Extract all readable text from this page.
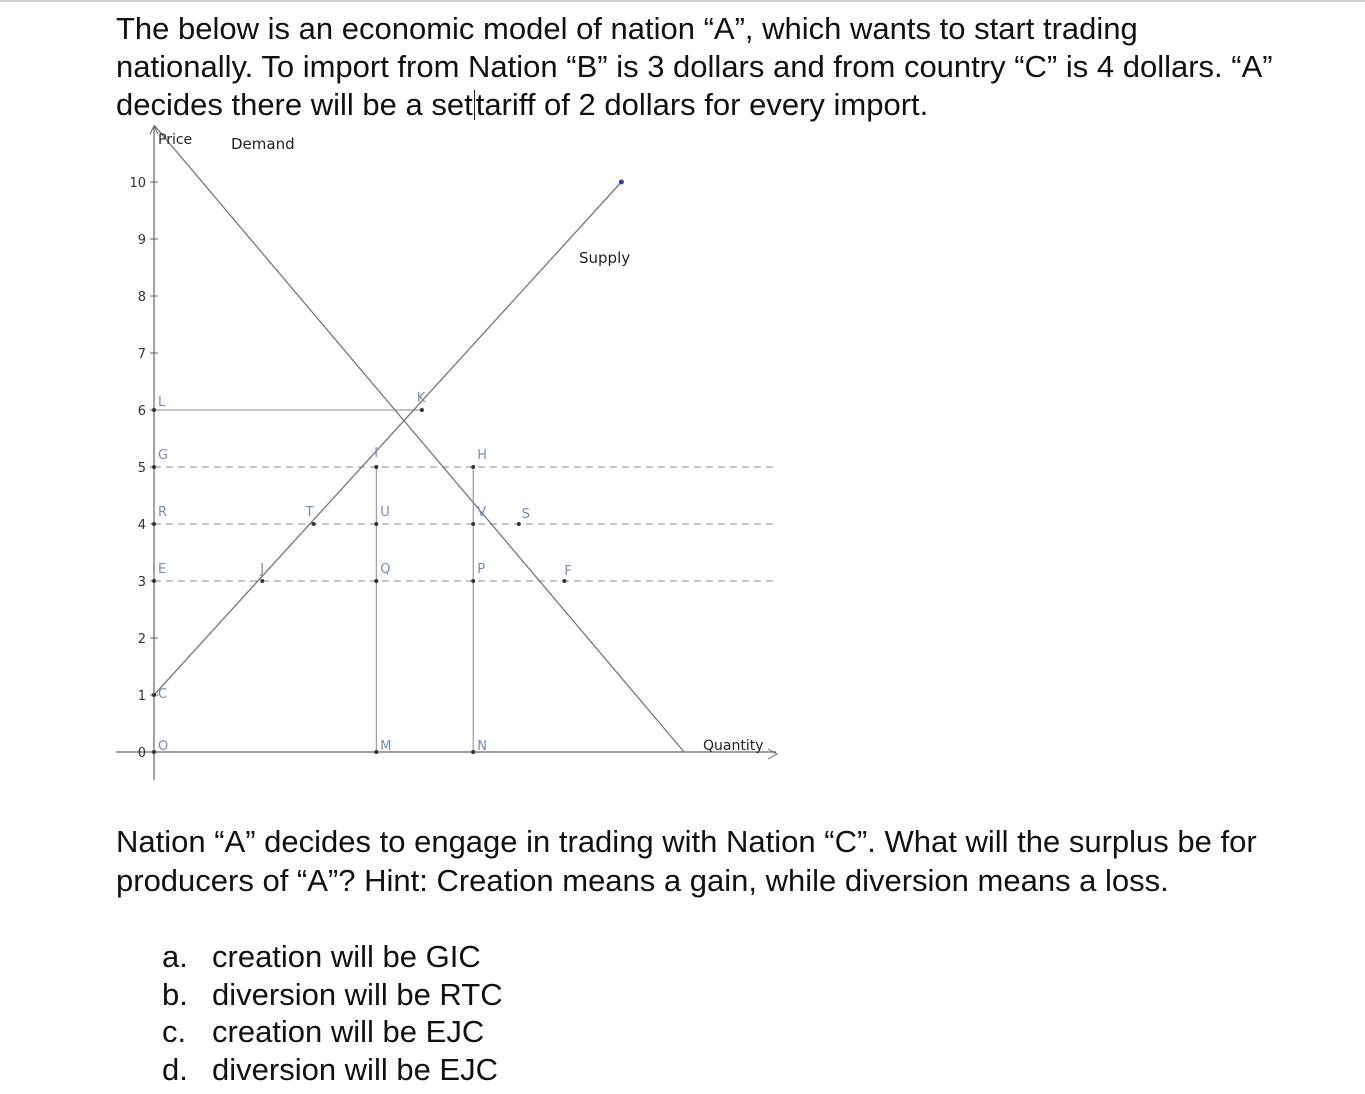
The below is an economic model of nation “A”, which wants to start trading
nationally. To import from Nation “B” is 3 dollars and from country “C” is 4 dollars. “A”
decides there will be a settariff of 2 dollars for every import.

0
1
2
3
4
5
6
7
8
9
10
Price
Quantity
Demand
Supply
O
C
E
R
G
L
J
T
I
U
Q
M
K
H
V
P
N
S
F

Nation “A” decides to engage in trading with Nation “C”. What will the surplus be for
producers of “A”? Hint: Creation means a gain, while diversion means a loss.

a. creation will be GIC
b. diversion will be RTC
c. creation will be EJC
d. diversion will be EJC
